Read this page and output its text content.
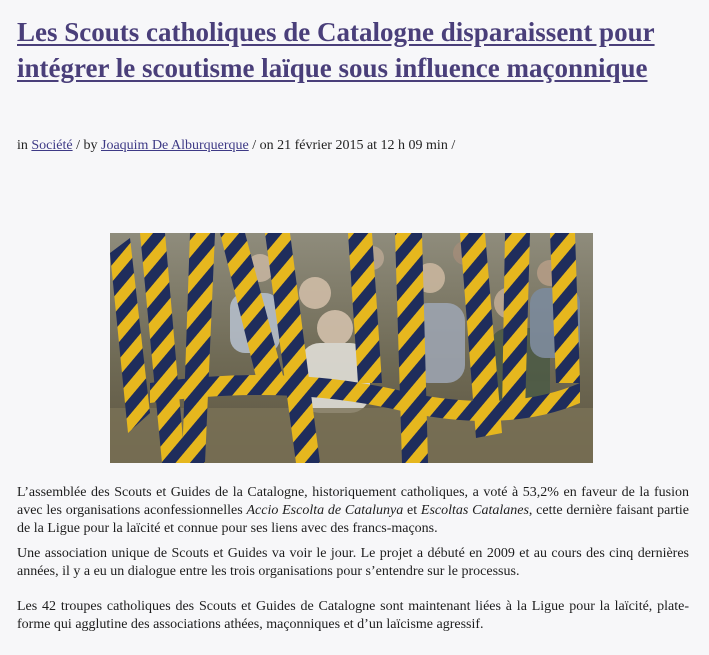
Les Scouts catholiques de Catalogne disparaissent pour intégrer le scoutisme laïque sous influence maçonnique
in Société / by Joaquim De Alburquerque / on 21 février 2015 at 12 h 09 min /

L’assemblée des Scouts et Guides de la Catalogne, historiquement catholiques, a voté à 53,2% en faveur de la fusion avec les organisations aconfessionnelles Accio Escolta de Catalunya et Escoltas Catalanes, cette dernière faisant partie de la Ligue pour la laïcité et connue pour ses liens avec des francs-maçons.

Une association unique de Scouts et Guides va voir le jour. Le projet a débuté en 2009 et au cours des cinq dernières années, il y a eu un dialogue entre les trois organisations pour s’entendre sur le processus.

Les 42 troupes catholiques des Scouts et Guides de Catalogne sont maintenant liées à la Ligue pour la laïcité, plate-forme qui agglutine des associations athées, maçonniques et d’un laïcisme agressif.
